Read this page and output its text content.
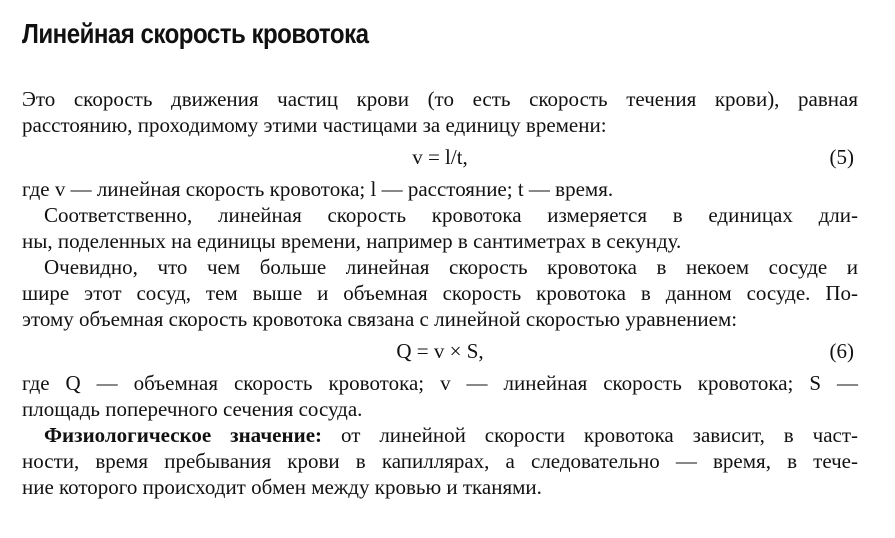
Линейная скорость кровотока
Это скорость движения частиц крови (то есть скорость течения крови), равная
расстоянию, проходимому этими частицами за единицу времени:
v = l/t,	(5)
где v — линейная скорость кровотока; l — расстояние; t — время.
Соответственно, линейная скорость кровотока измеряется в единицах дли-
ны, поделенных на единицы времени, например в сантиметрах в секунду.
Очевидно, что чем больше линейная скорость кровотока в некоем сосуде и
шире этот сосуд, тем выше и объемная скорость кровотока в данном сосуде. По-
этому объемная скорость кровотока связана с линейной скоростью уравнением:
Q = v × S,	(6)
где Q — объемная скорость кровотока; v — линейная скорость кровотока; S —
площадь поперечного сечения сосуда.
Физиологическое значение: от линейной скорости кровотока зависит, в част-
ности, время пребывания крови в капиллярах, а следовательно — время, в тече-
ние которого происходит обмен между кровью и тканями.
